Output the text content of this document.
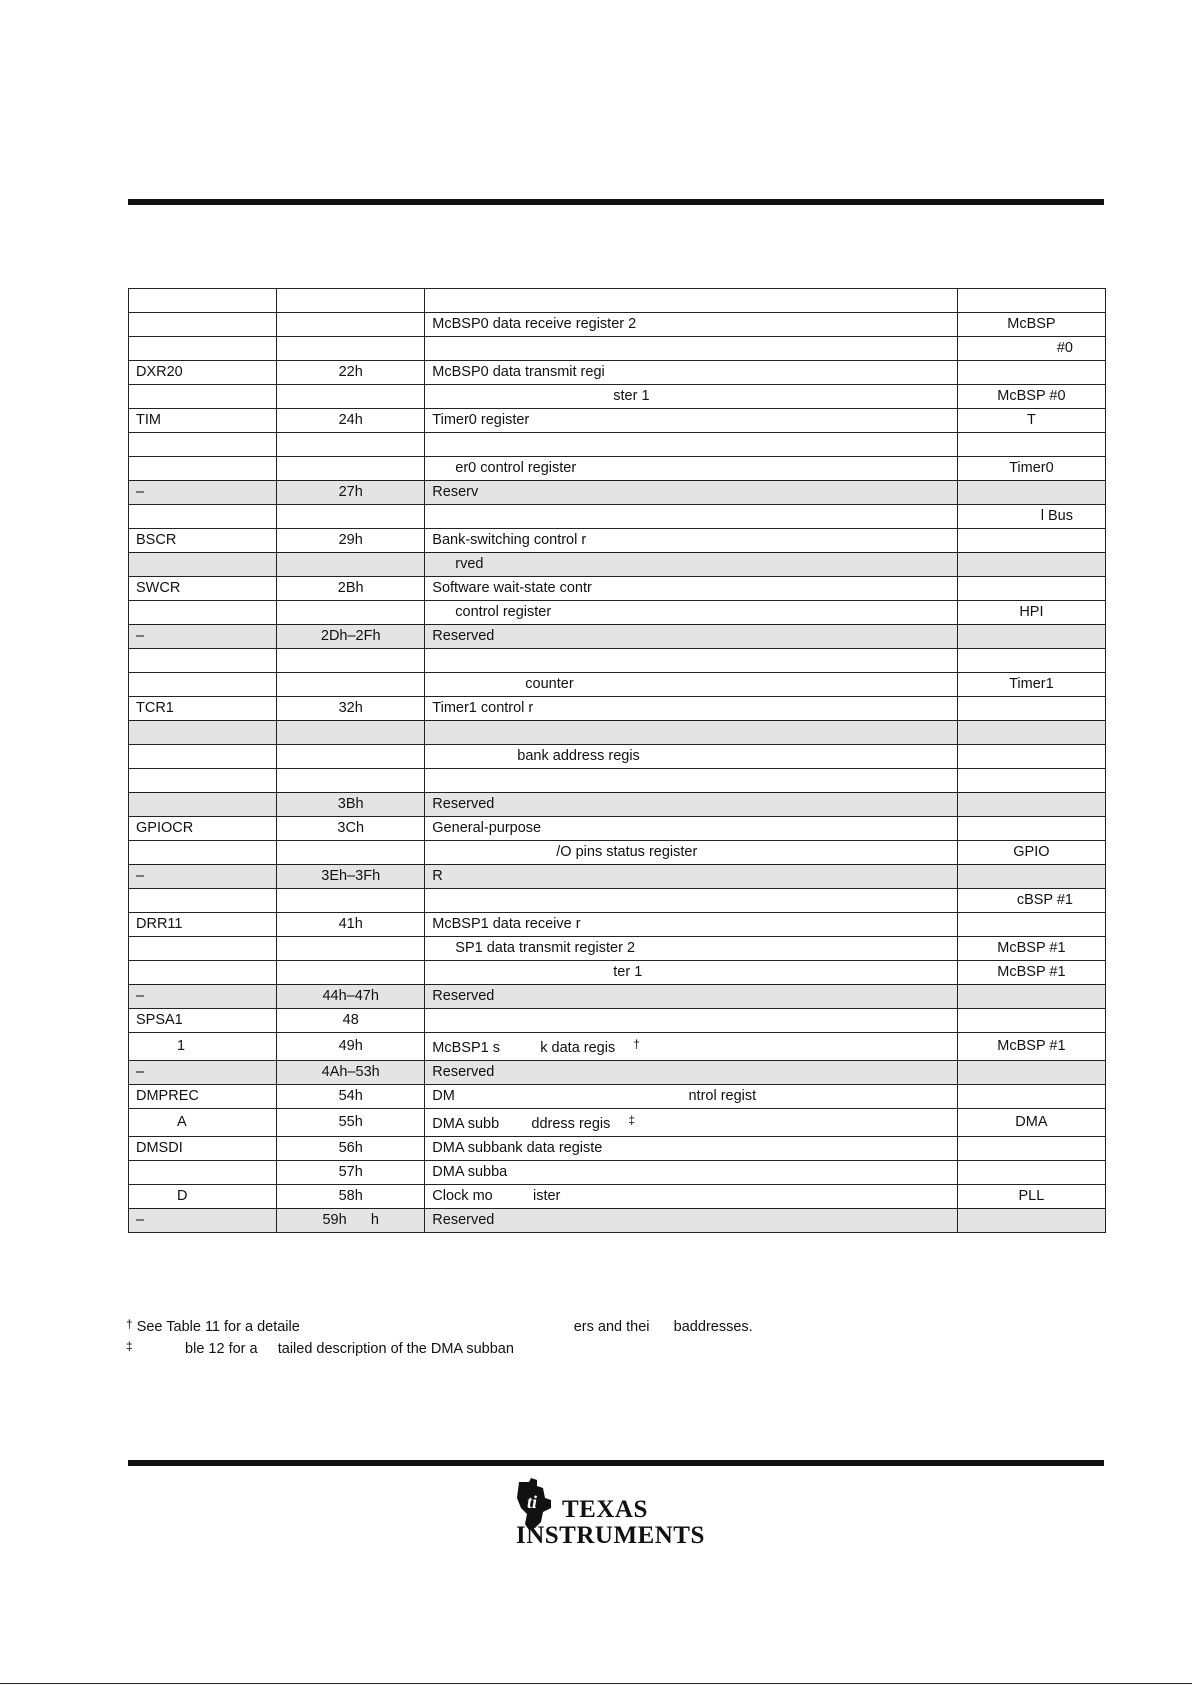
		McBSP0 data receive register 2	McBSP
			#0
DXR20	22h	McBSP0 data transmit regi	
		ster 1	McBSP #0
TIM	24h	Timer0 register	T

		er0 control register	Timer0
–	27h	Reserv	
			l Bus
BSCR	29h	Bank-switching control r	
		rved	
SWCR	2Bh	Software wait-state contr	
		control register	HPI
–	2Dh–2Fh	Reserved	

		counter	Timer1
TCR1	32h	Timer1 control r	

		bank address regis	

	3Bh	Reserved	
GPIOCR	3Ch	General-purpose	
		/O pins status register	GPIO
–	3Eh–3Fh	R	
			cBSP #1
DRR11	41h	McBSP1 data receive r	
		SP1 data transmit register 2	McBSP #1
		ter 1	McBSP #1
–	44h–47h	Reserved	
SPSA1	48		
1	49h	McBSP1 s          k data regis †	McBSP #1
–	4Ah–53h	Reserved	
DMPREC	54h	DM                                                          ntrol regist	
A	55h	DMA subb        ddress regis ‡	DMA
DMSDI	56h	DMA subbank data registe	
	57h	DMA subba	
D	58h	Clock mo          ister	PLL
–	59h      h	Reserved	
† See Table 11 for a detaile                                                                    ers and thei      baddresses.
‡            ble 12 for a     tailed description of the DMA subban
ti TEXAS
INSTRUMENTS
